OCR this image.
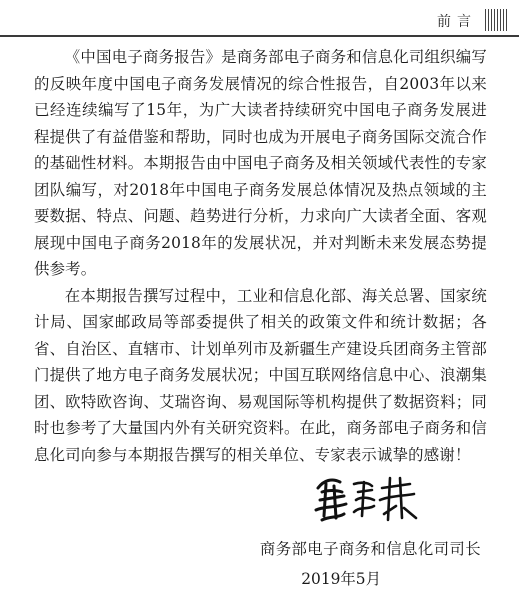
前言

《中国电子商务报告》是商务部电子商务和信息化司组织编写的反映年度中国电子商务发展情况的综合性报告，自2003年以来已经连续编写了15年，为广大读者持续研究中国电子商务发展进程提供了有益借鉴和帮助，同时也成为开展电子商务国际交流合作的基础性材料。本期报告由中国电子商务及相关领域代表性的专家团队编写，对2018年中国电子商务发展总体情况及热点领域的主要数据、特点、问题、趋势进行分析，力求向广大读者全面、客观展现中国电子商务2018年的发展状况，并对判断未来发展态势提供参考。

在本期报告撰写过程中，工业和信息化部、海关总署、国家统计局、国家邮政局等部委提供了相关的政策文件和统计数据；各省、自治区、直辖市、计划单列市及新疆生产建设兵团商务主管部门提供了地方电子商务发展状况；中国互联网络信息中心、浪潮集团、欧特欧咨询、艾瑞咨询、易观国际等机构提供了数据资料；同时也参考了大量国内外有关研究资料。在此，商务部电子商务和信息化司向参与本期报告撰写的相关单位、专家表示诚挚的感谢！

商务部电子商务和信息化司司长
2019年5月
